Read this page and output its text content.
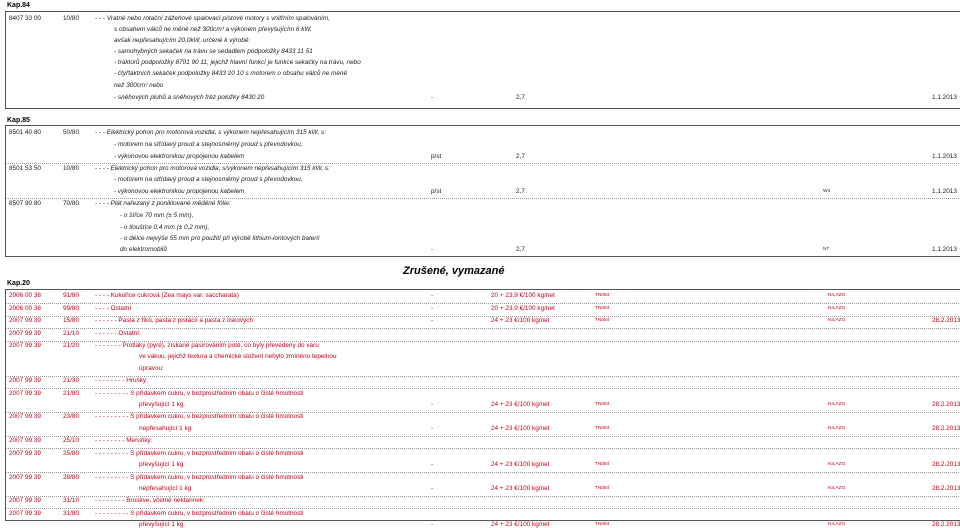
Kap.84
8407 33 00	10/80	- - - Vratné nebo rotační zážehové spalovací pístové motory s vnitřním spalováním,
s obsahem válců ne měně než 300cm³ a výkonem převyšujícím 6 kW,
avšak nepřesahujícím 20,0kW, určené k výrobě:
- samohybných sekaček na trávu se sedadlem podpoložky 8433 11 51
- traktorů podpoložky 8701 90 11, jejichž hlavní funkcí je funkce sekačky na trávu, nebo
- čtyřtaktních sekaček podpoložky 8433 20 10 s motorem o obsahu válců ne méně
než 300cm³ nebo
- sněhových pluhů a sněhových fréz položky 8430 20	-	2,7	1.1.2013
Kap.85
8501 40 80	50/80	- - - Elektrický pohon pro motorová vozidla, s výkonem nepřesahujícím 315 kW, s:
- motorem na střídavý proud a stejnosměrný proud s převodovkou,
- výkonovou elektronikou propojenou kabelem	p/st	2,7	1.1.2013
8501 53 50	10/80	- - - - Elektrický pohon pro motorová vozidla, s/výkonem nepřesahujícím 315 kW, s:
- motorem na střídavý proud a stejnosměrný proud s převodovkou,
- výkonovou elektronikou propojenou kabelem	p/st	2,7	W4	1.1.2013
8507 90 80	70/80	- - - - Plát nařezaný z poniklované měděné fólie:
- o šířce 70 mm (± 5 mm),
- o tloušťce 0,4 mm (± 0,2 mm),
- o délce nejvýše 55 mm pro použití při výrobě lithium-iontových baterií
do elektromobilů	-	2,7	N7	1.1.2013
Zrušené, vymazané
Kap.20
2006 00 38	91/80	- - - - Kukuřice cukrová (Zea mays var. saccharata)	-	20 + 23,9 €/100 kg/net	TN084	N4,AZG
2006 00 38	99/80	- - - - Ostatní	-	20 + 23,9 €/100 kg/net	TN084	N4,AZG
2007 99 39	15/80	- - - - - - Pasta z fíků, pasta z pistácií a pasta z liskových	-	24 + 23 €/100 kg/net	TN084	N4,AZG	28.2.2013
2007 99 39	21/10	- - - - - - Ostatní:
2007 99 39	21/20	- - - - - - - Protlaky (pyré), získané pasírováním poté, co byly převedeny do varu
ve vakuu, jejichž textura a chemické složení nebylo zmíněno tepelnou
úpravou:
2007 99 39	21/30	- - - - - - - - Hrušky:
2007 99 39	21/80	- - - - - - - - - S přídavkem cukru, v bezprostředním obalu o čisté hmotnosti
převyšující 1 kg	-	24 + 23 €/100 kg/net	TN084	N4,AZG	28.2.2013
2007 99 39	23/80	- - - - - - - - - S přídavkem cukru, v bezprostředním obalu o čisté hmotnosti
nepřesahující 1 kg	-	24 + 23 €/100 kg/net	TN084	N4,AZG	28.2.2013
2007 99 39	25/10	- - - - - - - - Meruňky:
2007 99 39	25/80	- - - - - - - - - S přídavkem cukru, v bezprostředním obalu o čisté hmotnosti
převyšující 1 kg	-	24 + 23 €/100 kg/net	TN084	N4,AZG	28.2.2013
2007 99 39	28/80	- - - - - - - - - S přídavkem cukru, v bezprostředním obalu o čisté hmotnosti
nepřesahující 1 kg	-	24 + 23 €/100 kg/net	TN084	N4,AZG	28.2.2013
2007 99 39	31/10	- - - - - - - - Broskve, včetně nektarinek:
2007 99 39	31/80	- - - - - - - - - S přídavkem cukru, v bezprostředním obalu o čisté hmotnosti
převyšující 1 kg	-	24 + 23 €/100 kg/net	TN084	N4,AZG	28.2.2013
